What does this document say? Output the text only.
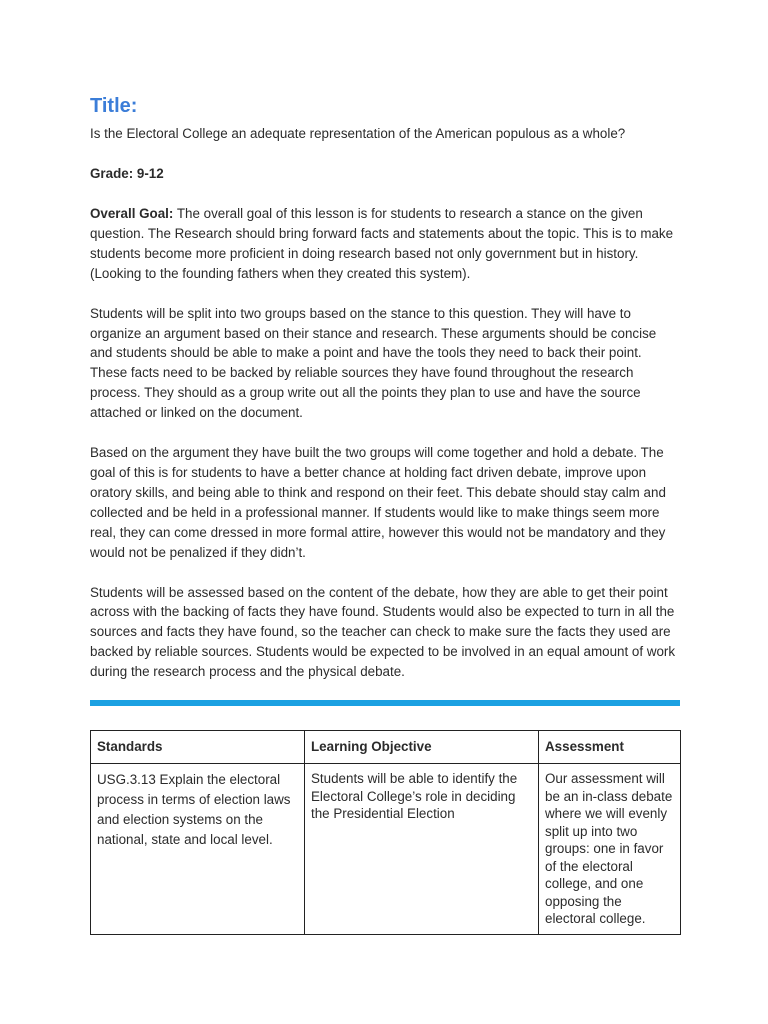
Title:

Is the Electoral College an adequate representation of the American populous as a whole?

Grade: 9-12

Overall Goal: The overall goal of this lesson is for students to research a stance on the given question. The Research should bring forward facts and statements about the topic. This is to make students become more proficient in doing research based not only government but in history. (Looking to the founding fathers when they created this system).

Students will be split into two groups based on the stance to this question. They will have to organize an argument based on their stance and research. These arguments should be concise and students should be able to make a point and have the tools they need to back their point. These facts need to be backed by reliable sources they have found throughout the research process. They should as a group write out all the points they plan to use and have the source attached or linked on the document.

Based on the argument they have built the two groups will come together and hold a debate. The goal of this is for students to have a better chance at holding fact driven debate, improve upon oratory skills, and being able to think and respond on their feet. This debate should stay calm and collected and be held in a professional manner. If students would like to make things seem more real, they can come dressed in more formal attire, however this would not be mandatory and they would not be penalized if they didn’t.

Students will be assessed based on the content of the debate, how they are able to get their point across with the backing of facts they have found. Students would also be expected to turn in all the sources and facts they have found, so the teacher can check to make sure the facts they used are backed by reliable sources. Students would be expected to be involved in an equal amount of work during the research process and the physical debate.

Standards	Learning Objective	Assessment
USG.3.13 Explain the electoral process in terms of election laws and election systems on the national, state and local level.	Students will be able to identify the Electoral College’s role in deciding the Presidential Election	Our assessment will be an in-class debate where we will evenly split up into two groups: one in favor of the electoral college, and one opposing the electoral college.
